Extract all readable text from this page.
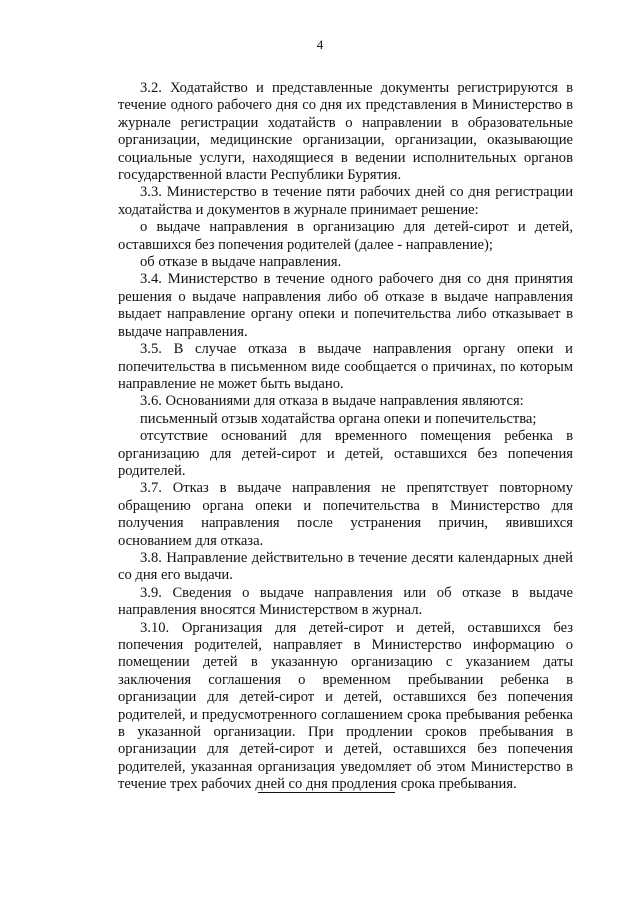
4

3.2. Ходатайство и представленные документы регистрируются в течение одного рабочего дня со дня их представления в Министерство в журнале регистрации ходатайств о направлении в образовательные организации, медицинские организации, организации, оказывающие социальные услуги, находящиеся в ведении исполнительных органов государственной власти Республики Бурятия.

3.3. Министерство в течение пяти рабочих дней со дня регистрации ходатайства и документов в журнале принимает решение:

о выдаче направления в организацию для детей-сирот и детей, оставшихся без попечения родителей (далее - направление);

об отказе в выдаче направления.

3.4. Министерство в течение одного рабочего дня со дня принятия решения о выдаче направления либо об отказе в выдаче направления выдает направление органу опеки и попечительства либо отказывает в выдаче направления.

3.5. В случае отказа в выдаче направления органу опеки и попечительства в письменном виде сообщается о причинах, по которым направление не может быть выдано.

3.6. Основаниями для отказа в выдаче направления являются:

письменный отзыв ходатайства органа опеки и попечительства;

отсутствие оснований для временного помещения ребенка в организацию для детей-сирот и детей, оставшихся без попечения родителей.

3.7. Отказ в выдаче направления не препятствует повторному обращению органа опеки и попечительства в Министерство для получения направления после устранения причин, явившихся основанием для отказа.

3.8. Направление действительно в течение десяти календарных дней со дня его выдачи.

3.9. Сведения о выдаче направления или об отказе в выдаче направления вносятся Министерством в журнал.

3.10. Организация для детей-сирот и детей, оставшихся без попечения родителей, направляет в Министерство информацию о помещении детей в указанную организацию с указанием даты заключения соглашения о временном пребывании ребенка в организации для детей-сирот и детей, оставшихся без попечения родителей, и предусмотренного соглашением срока пребывания ребенка в указанной организации. При продлении сроков пребывания в организации для детей-сирот и детей, оставшихся без попечения родителей, указанная организация уведомляет об этом Министерство в течение трех рабочих дней со дня продления срока пребывания.
